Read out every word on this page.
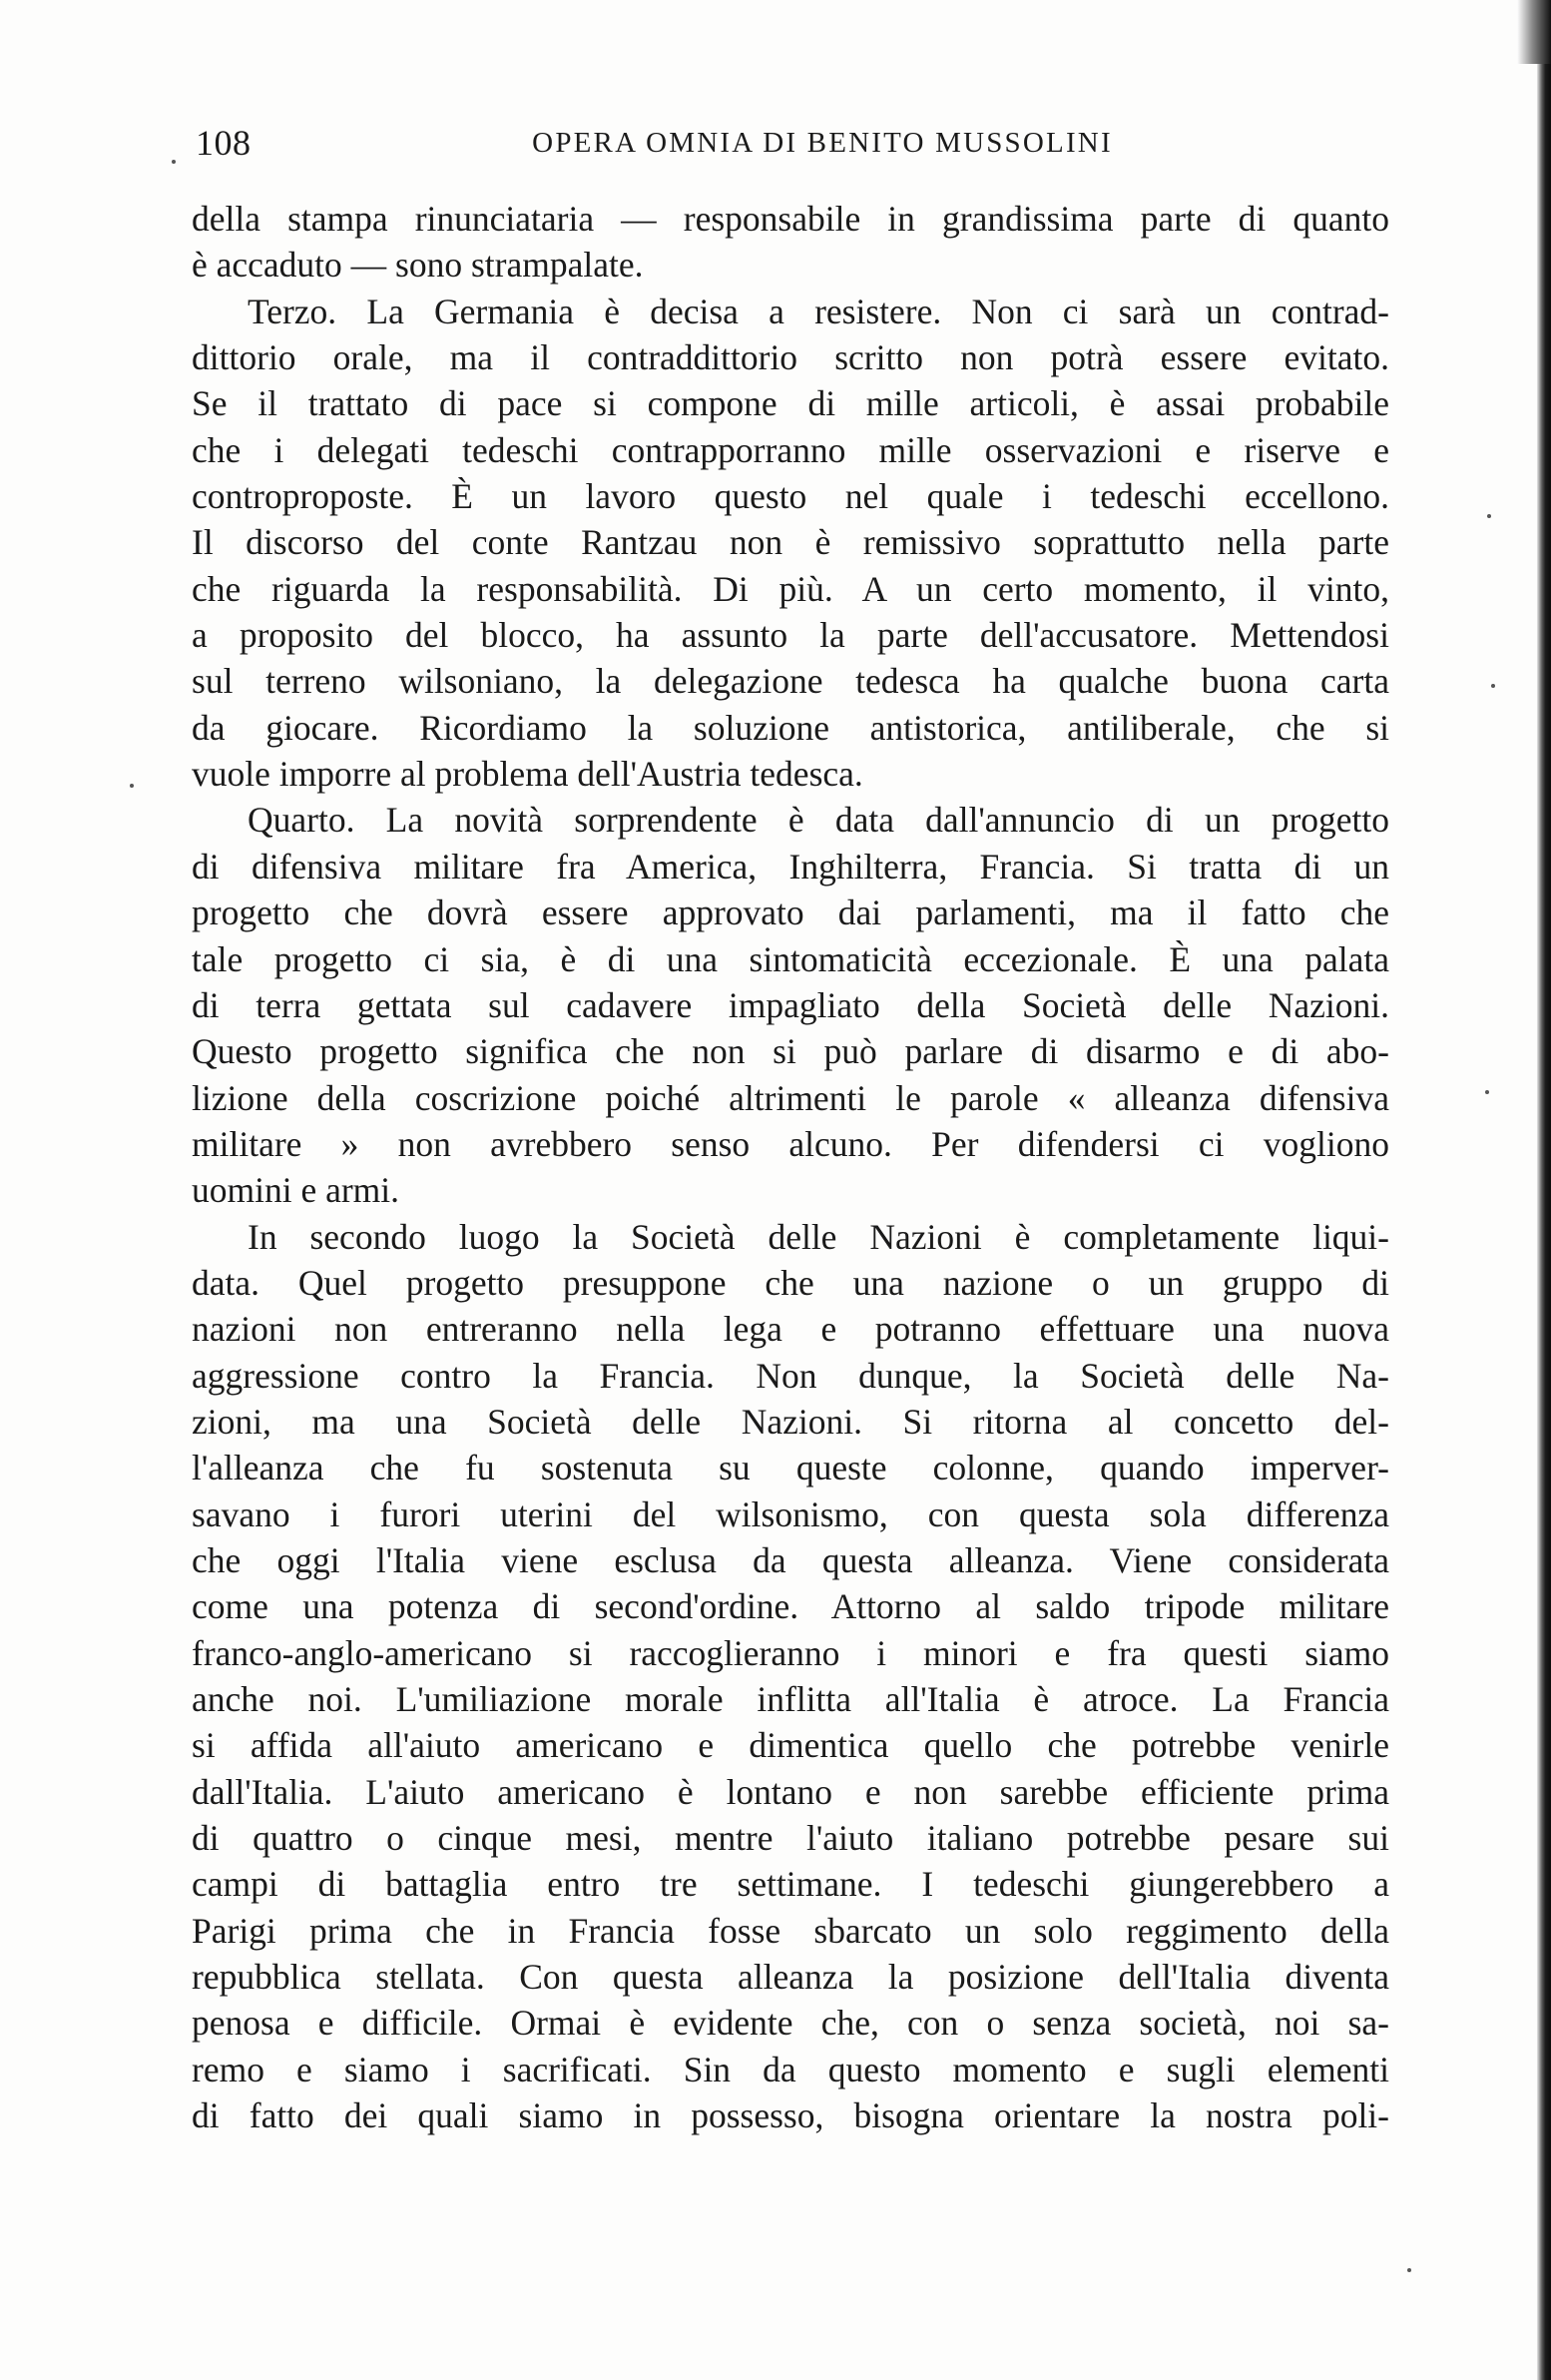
108	OPERA OMNIA DI BENITO MUSSOLINI
della stampa rinunciataria — responsabile in grandissima parte di quanto
è accaduto — sono strampalate.
Terzo. La Germania è decisa a resistere. Non ci sarà un contrad-
dittorio orale, ma il contraddittorio scritto non potrà essere evitato.
Se il trattato di pace si compone di mille articoli, è assai probabile
che i delegati tedeschi contrapporranno mille osservazioni e riserve e
controproposte. È un lavoro questo nel quale i tedeschi eccellono.
Il discorso del conte Rantzau non è remissivo soprattutto nella parte
che riguarda la responsabilità. Di più. A un certo momento, il vinto,
a proposito del blocco, ha assunto la parte dell'accusatore. Mettendosi
sul terreno wilsoniano, la delegazione tedesca ha qualche buona carta
da giocare. Ricordiamo la soluzione antistorica, antiliberale, che si
vuole imporre al problema dell'Austria tedesca.
Quarto. La novità sorprendente è data dall'annuncio di un progetto
di difensiva militare fra America, Inghilterra, Francia. Si tratta di un
progetto che dovrà essere approvato dai parlamenti, ma il fatto che
tale progetto ci sia, è di una sintomaticità eccezionale. È una palata
di terra gettata sul cadavere impagliato della Società delle Nazioni.
Questo progetto significa che non si può parlare di disarmo e di abo-
lizione della coscrizione poiché altrimenti le parole « alleanza difensiva
militare » non avrebbero senso alcuno. Per difendersi ci vogliono
uomini e armi.
In secondo luogo la Società delle Nazioni è completamente liqui-
data. Quel progetto presuppone che una nazione o un gruppo di
nazioni non entreranno nella lega e potranno effettuare una nuova
aggressione contro la Francia. Non dunque, la Società delle Na-
zioni, ma una Società delle Nazioni. Si ritorna al concetto del-
l'alleanza che fu sostenuta su queste colonne, quando imperver-
savano i furori uterini del wilsonismo, con questa sola differenza
che oggi l'Italia viene esclusa da questa alleanza. Viene considerata
come una potenza di second'ordine. Attorno al saldo tripode militare
franco-anglo-americano si raccoglieranno i minori e fra questi siamo
anche noi. L'umiliazione morale inflitta all'Italia è atroce. La Francia
si affida all'aiuto americano e dimentica quello che potrebbe venirle
dall'Italia. L'aiuto americano è lontano e non sarebbe efficiente prima
di quattro o cinque mesi, mentre l'aiuto italiano potrebbe pesare sui
campi di battaglia entro tre settimane. I tedeschi giungerebbero a
Parigi prima che in Francia fosse sbarcato un solo reggimento della
repubblica stellata. Con questa alleanza la posizione dell'Italia diventa
penosa e difficile. Ormai è evidente che, con o senza società, noi sa-
remo e siamo i sacrificati. Sin da questo momento e sugli elementi
di fatto dei quali siamo in possesso, bisogna orientare la nostra poli-
